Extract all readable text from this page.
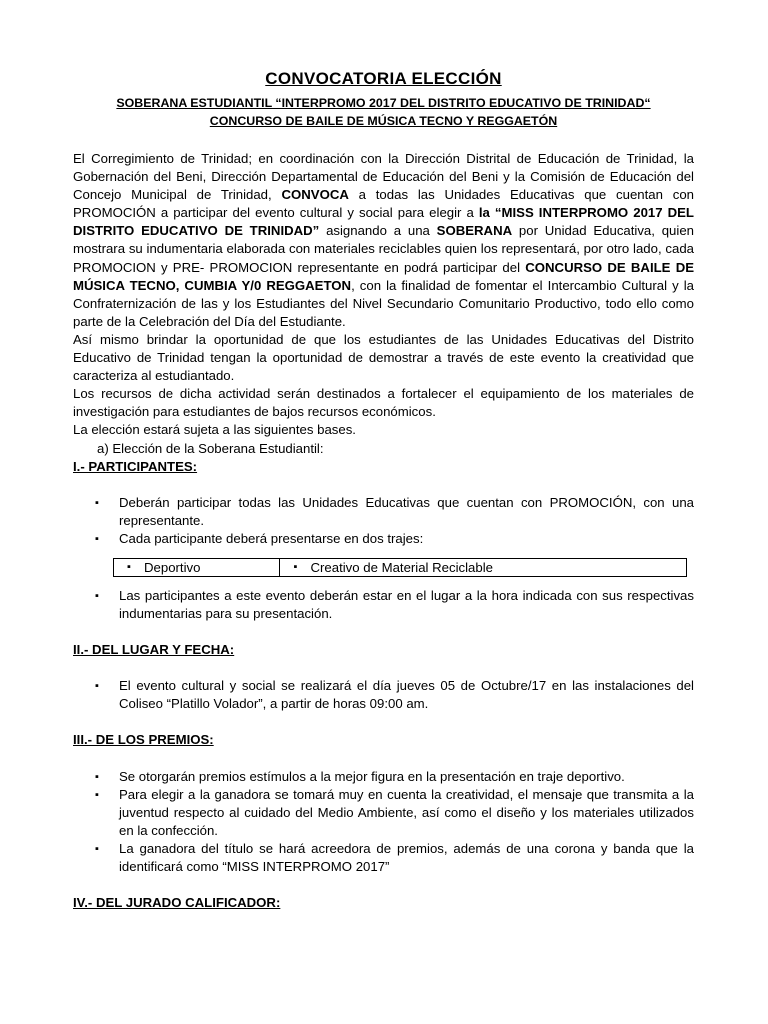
CONVOCATORIA ELECCIÓN

SOBERANA ESTUDIANTIL “INTERPROMO 2017 DEL DISTRITO EDUCATIVO DE TRINIDAD“

CONCURSO DE BAILE DE MÚSICA TECNO Y REGGAETÓN

El Corregimiento de Trinidad; en coordinación con la Dirección Distrital de Educación de Trinidad, la Gobernación del Beni, Dirección Departamental de Educación del Beni y la Comisión de Educación del Concejo Municipal de Trinidad, CONVOCA a todas las Unidades Educativas que cuentan con PROMOCIÓN a participar del evento cultural y social para elegir a la “MISS INTERPROMO 2017 DEL DISTRITO EDUCATIVO DE TRINIDAD” asignando a una SOBERANA por Unidad Educativa, quien mostrara su indumentaria elaborada con materiales reciclables quien los representará, por otro lado, cada PROMOCION y PRE- PROMOCION representante en podrá participar del CONCURSO DE BAILE DE MÚSICA TECNO, CUMBIA Y/0 REGGAETON, con la finalidad de fomentar el Intercambio Cultural y la Confraternización de las y los Estudiantes del Nivel Secundario Comunitario Productivo, todo ello como parte de la Celebración del Día del Estudiante.

Así mismo brindar la oportunidad de que los estudiantes de las Unidades Educativas del Distrito Educativo de Trinidad tengan la oportunidad de demostrar a través de este evento la creatividad que caracteriza al estudiantado.

Los recursos de dicha actividad serán destinados a fortalecer el equipamiento de los materiales de investigación para estudiantes de bajos recursos económicos.

La elección estará sujeta a las siguientes bases.

a) Elección de la Soberana Estudiantil:

I.- PARTICIPANTES:

▪ Deberán participar todas las Unidades Educativas que cuentan con PROMOCIÓN, con una representante.
▪ Cada participante deberá presentarse en dos trajes:
▪ Deportivo	▪Creativo de Material Reciclable
▪ Las participantes a este evento deberán estar en el lugar a la hora indicada con sus respectivas indumentarias para su presentación.

II.- DEL LUGAR Y FECHA:

▪ El evento cultural y social se realizará el día jueves 05 de Octubre/17 en las instalaciones del Coliseo “Platillo Volador”, a partir de horas 09:00 am.

III.- DE LOS PREMIOS:

▪ Se otorgarán premios estímulos a la mejor figura en la presentación en traje deportivo.
▪ Para elegir a la ganadora se tomará muy en cuenta la creatividad, el mensaje que transmita a la juventud respecto al cuidado del Medio Ambiente, así como el diseño y los materiales utilizados en la confección.
▪ La ganadora del título se hará acreedora de premios, además de una corona y banda que la identificará como “MISS INTERPROMO 2017”

IV.- DEL JURADO CALIFICADOR:
